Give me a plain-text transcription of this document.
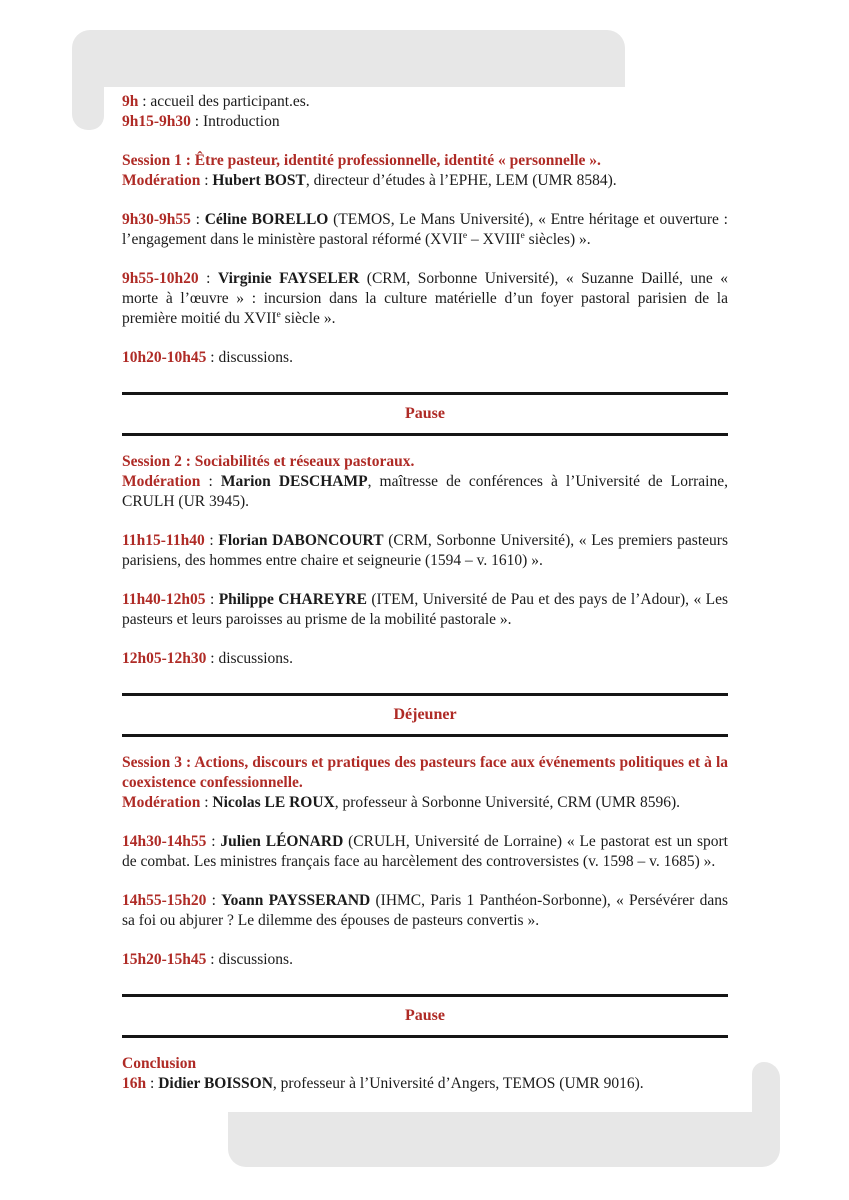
9h : accueil des participant.es.

9h15-9h30 : Introduction

Session 1 : Être pasteur, identité professionnelle, identité « personnelle ».

Modération : Hubert BOST, directeur d’études à l’EPHE, LEM (UMR 8584).

9h30-9h55 : Céline BORELLO (TEMOS, Le Mans Université), « Entre héritage et ouverture : l’engagement dans le ministère pastoral réformé (XVIIe – XVIIIe siècles) ».

9h55-10h20 : Virginie FAYSELER (CRM, Sorbonne Université), « Suzanne Daillé, une « morte à l’œuvre » : incursion dans la culture matérielle d’un foyer pastoral parisien de la première moitié du XVIIe siècle ».

10h20-10h45 : discussions.

Pause

Session 2 : Sociabilités et réseaux pastoraux.

Modération : Marion DESCHAMP, maîtresse de conférences à l’Université de Lorraine, CRULH (UR 3945).

11h15-11h40 : Florian DABONCOURT (CRM, Sorbonne Université), « Les premiers pasteurs parisiens, des hommes entre chaire et seigneurie (1594 – v. 1610) ».

11h40-12h05 : Philippe CHAREYRE (ITEM, Université de Pau et des pays de l’Adour), « Les pasteurs et leurs paroisses au prisme de la mobilité pastorale ».

12h05-12h30 : discussions.

Déjeuner

Session 3 : Actions, discours et pratiques des pasteurs face aux événements politiques et à la coexistence confessionnelle.

Modération : Nicolas LE ROUX, professeur à Sorbonne Université, CRM (UMR 8596).

14h30-14h55 : Julien LÉONARD (CRULH, Université de Lorraine) « Le pastorat est un sport de combat. Les ministres français face au harcèlement des controversistes (v. 1598 – v. 1685) ».

14h55-15h20 : Yoann PAYSSERAND (IHMC, Paris 1 Panthéon-Sorbonne), « Persévérer dans sa foi ou abjurer ? Le dilemme des épouses de pasteurs convertis ».

15h20-15h45 : discussions.

Pause

Conclusion

16h : Didier BOISSON, professeur à l’Université d’Angers, TEMOS (UMR 9016).
